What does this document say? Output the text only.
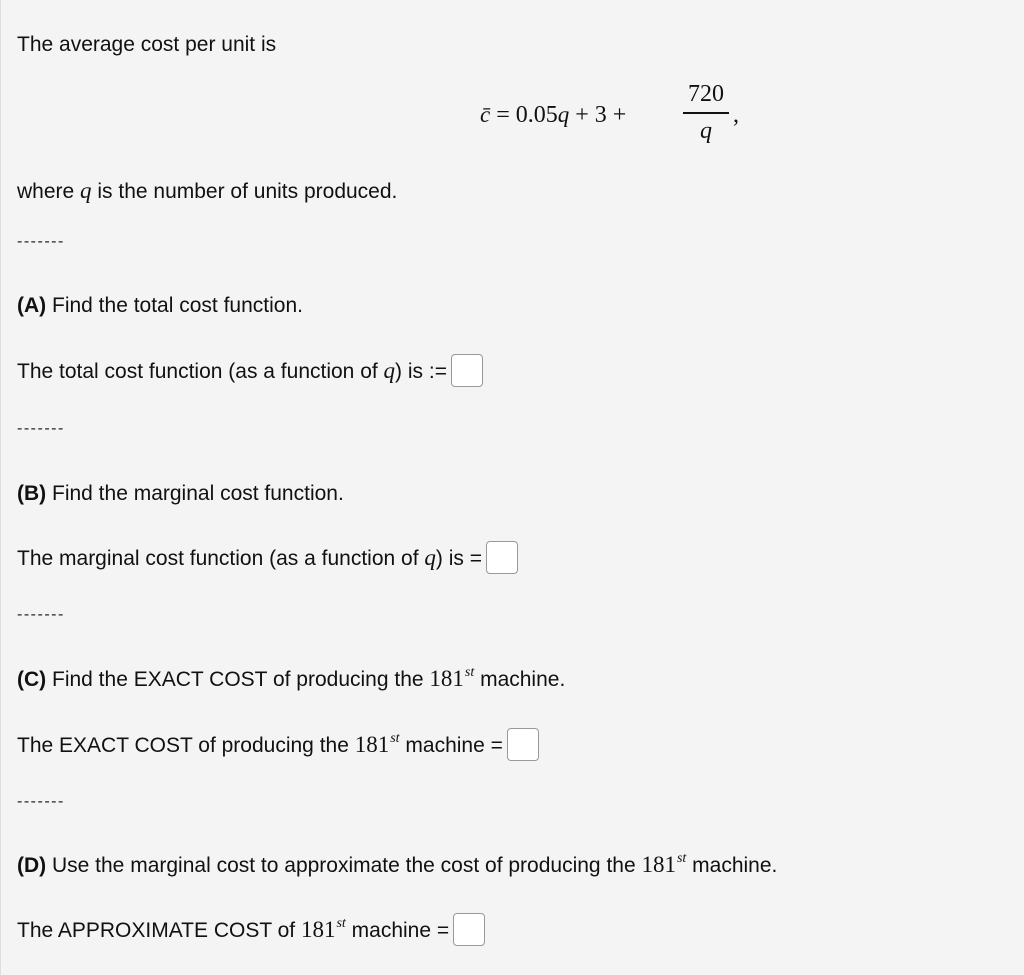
The average cost per unit is
c̄ = 0.05q + 3 +
720
q
,
where q is the number of units produced.
-------
(A) Find the total cost function.
The total cost function (as a function of q) is :=
-------
(B) Find the marginal cost function.
The marginal cost function (as a function of q) is =
-------
(C) Find the EXACT COST of producing the 181st machine.
The EXACT COST of producing the 181st machine =
-------
(D) Use the marginal cost to approximate the cost of producing the 181st machine.
The APPROXIMATE COST of 181st machine =
